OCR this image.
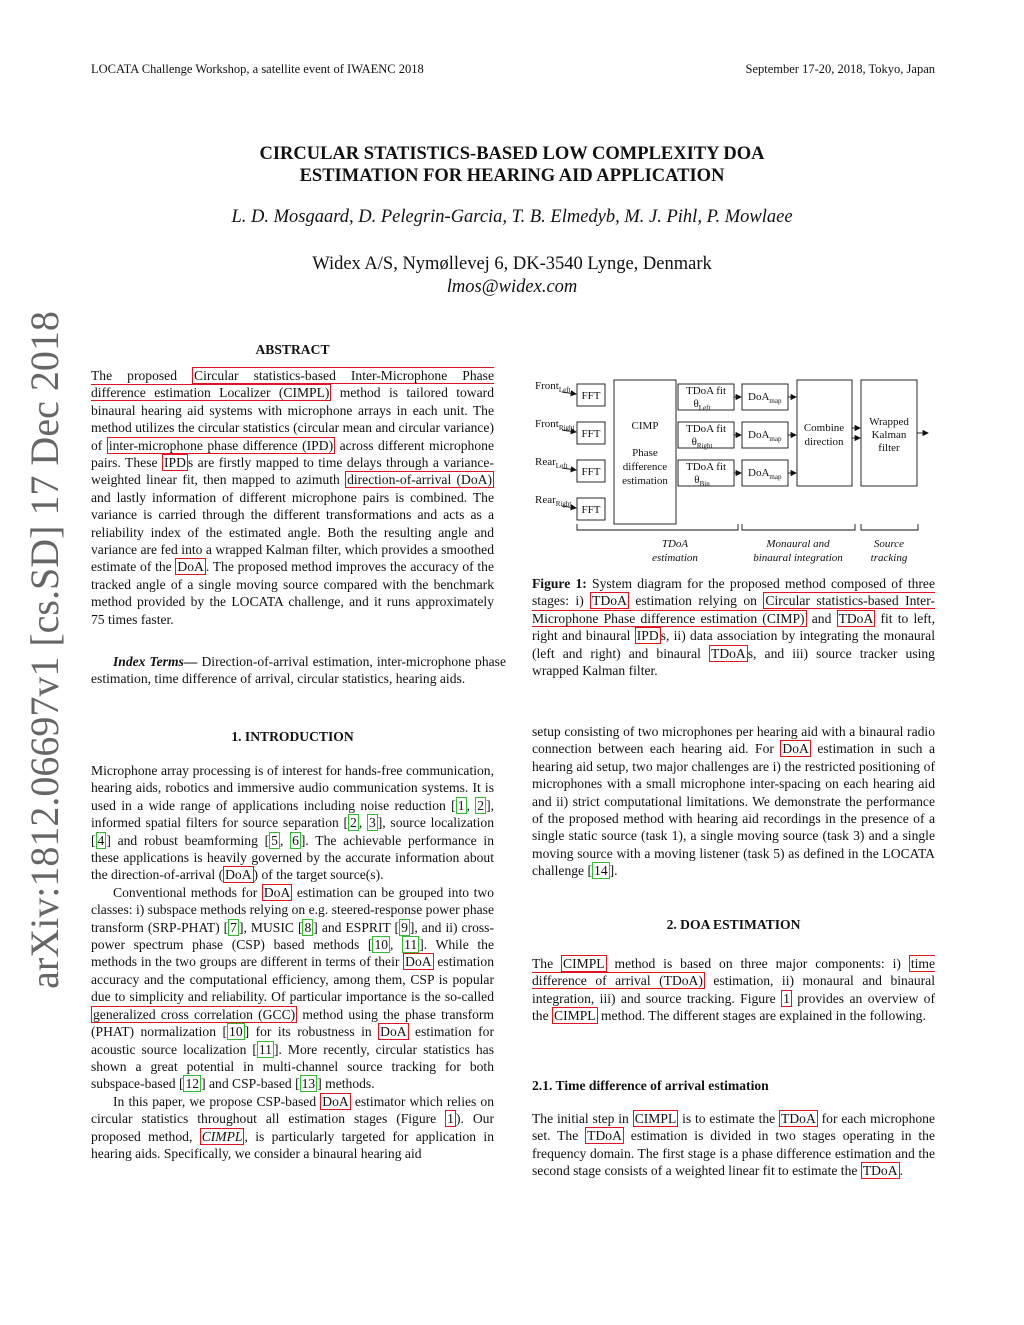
LOCATA Challenge Workshop, a satellite event of IWAENC 2018	September 17-20, 2018, Tokyo, Japan
CIRCULAR STATISTICS-BASED LOW COMPLEXITY DOA
ESTIMATION FOR HEARING AID APPLICATION
L. D. Mosgaard, D. Pelegrin-Garcia, T. B. Elmedyb, M. J. Pihl, P. Mowlaee
Widex A/S, Nymøllevej 6, DK-3540 Lynge, Denmark
lmos@widex.com
arXiv:1812.06697v1 [cs.SD] 17 Dec 2018	ABSTRACT

The proposed Circular statistics-based Inter-Microphone Phase difference estimation Localizer (CIMPL) method is tailored toward binaural hearing aid systems with microphone arrays in each unit. The method utilizes the circular statistics (circular mean and circular variance) of inter-microphone phase difference (IPD) across different microphone pairs. These IPD s are firstly mapped to time delays through a variance-weighted linear fit, then mapped to azimuth direction-of-arrival (DoA) and lastly information of different microphone pairs is combined. The variance is carried through the different transformations and acts as a reliability index of the estimated angle. Both the resulting angle and variance are fed into a wrapped Kalman filter, which provides a smoothed estimate of the DoA . The proposed method improves the accuracy of the tracked angle of a single moving source compared with the benchmark method provided by the LOCATA challenge, and it runs approximately 75 times faster.

Index Terms— Direction-of-arrival estimation, inter-microphone phase estimation, time difference of arrival, circular statistics, hearing aids.

1. INTRODUCTION

Microphone array processing is of interest for hands-free communication, hearing aids, robotics and immersive audio communication systems. It is used in a wide range of applications including noise reduction [ 1 , 2 ], informed spatial filters for source separation [ 2 , 3 ], source localization [ 4 ] and robust beamforming [ 5 , 6 ]. The achievable performance in these applications is heavily governed by the accurate information about the direction-of-arrival ( DoA ) of the target source(s).

Conventional methods for DoA estimation can be grouped into two classes: i) subspace methods relying on e.g. steered-response power phase transform (SRP-PHAT) [ 7 ], MUSIC [ 8 ] and ESPRIT [ 9 ], and ii) cross-power spectrum phase (CSP) based methods [ 10 , 11 ]. While the methods in the two groups are different in terms of their DoA estimation accuracy and the computational efficiency, among them, CSP is popular due to simplicity and reliability. Of particular importance is the so-called generalized cross correlation (GCC) method using the phase transform (PHAT) normalization [ 10 ] for its robustness in DoA estimation for acoustic source localization [ 11 ]. More recently, circular statistics has shown a great potential in multi-channel source tracking for both subspace-based [ 12 ] and CSP-based [ 13 ] methods.

In this paper, we propose CSP-based DoA estimator which relies on circular statistics throughout all estimation stages (Figure 1 ). Our proposed method, CIMPL , is particularly targeted for application in hearing aids. Specifically, we consider a binaural hearing aid

Front$_{Left}$
Front$_{Right}$
Rear$_{Left}$
Rear$_{Right}$
FFT
FFT
FFT
FFT
CIMP
Phase
difference
estimation
TDoA fit
$\theta_{Left}$
TDoA fit
$\theta_{Right}$
TDoA fit
$\theta_{Bin}$
DoA$_{map}$
DoA$_{map}$
DoA$_{map}$
Combine
direction
Wrapped
Kalman
filter
TDoA
estimation
Monaural and
binaural integration
Source
tracking
Figure 1: System diagram for the proposed method composed of three stages: i) TDoA estimation relying on Circular statistics-based Inter-Microphone Phase difference estimation (CIMP) and TDoA fit to left, right and binaural IPD s, ii) data association by integrating the monaural (left and right) and binaural TDoA s, and iii) source tracker using wrapped Kalman filter.

setup consisting of two microphones per hearing aid with a binaural radio connection between each hearing aid. For DoA estimation in such a hearing aid setup, two major challenges are i) the restricted positioning of microphones with a small microphone inter-spacing on each hearing aid and ii) strict computational limitations. We demonstrate the performance of the proposed method with hearing aid recordings in the presence of a single static source (task 1), a single moving source (task 3) and a single moving source with a moving listener (task 5) as defined in the LOCATA challenge [ 14 ].

2. DOA ESTIMATION

The CIMPL method is based on three major components: i) time difference of arrival (TDoA) estimation, ii) monaural and binaural integration, iii) and source tracking. Figure 1 provides an overview of the CIMPL method. The different stages are explained in the following.

2.1. Time difference of arrival estimation

The initial step in CIMPL is to estimate the TDoA for each microphone set. The TDoA estimation is divided in two stages operating in the frequency domain. The first stage is a phase difference estimation and the second stage consists of a weighted linear fit to estimate the TDoA .
